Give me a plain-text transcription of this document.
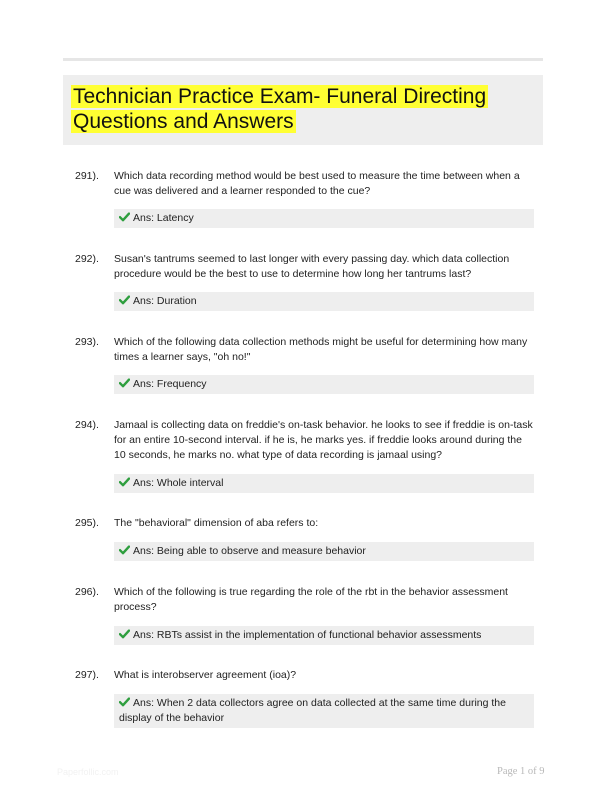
Technician Practice Exam- Funeral Directing Questions and Answers
291). Which data recording method would be best used to measure the time between when a cue was delivered and a learner responded to the cue?
Ans: Latency
292). Susan's tantrums seemed to last longer with every passing day. which data collection procedure would be the best to use to determine how long her tantrums last?
Ans: Duration
293). Which of the following data collection methods might be useful for determining how many times a learner says, "oh no!"
Ans: Frequency
294). Jamaal is collecting data on freddie's on-task behavior. he looks to see if freddie is on-task for an entire 10-second interval. if he is, he marks yes. if freddie looks around during the 10 seconds, he marks no. what type of data recording is jamaal using?
Ans: Whole interval
295). The "behavioral" dimension of aba refers to:
Ans: Being able to observe and measure behavior
296). Which of the following is true regarding the role of the rbt in the behavior assessment process?
Ans: RBTs assist in the implementation of functional behavior assessments
297). What is interobserver agreement (ioa)?
Ans: When 2 data collectors agree on data collected at the same time during the display of the behavior
Paperfollic.com	Page 1 of 9
